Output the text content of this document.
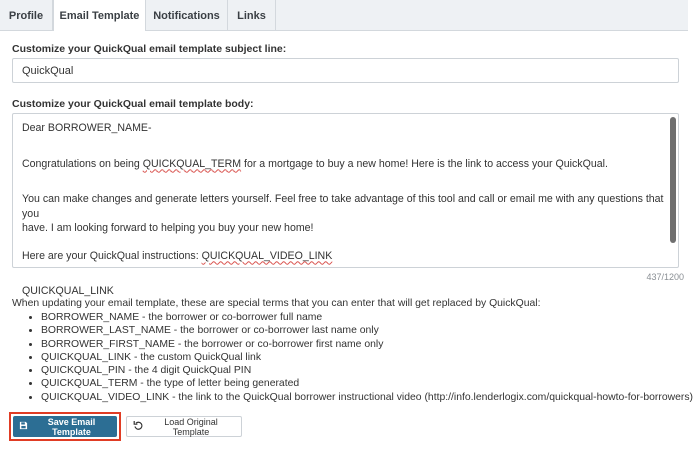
Profile Email Template Notifications Links
Customize your QuickQual email template subject line:
QuickQual
Customize your QuickQual email template body:

Dear BORROWER_NAME-

Congratulations on being QUICKQUAL_TERM for a mortgage to buy a new home! Here is the link to access your QuickQual.

You can make changes and generate letters yourself. Feel free to take advantage of this tool and call or email me with any questions that you
have. I am looking forward to helping you buy your new home!

Here are your QuickQual instructions: QUICKQUAL_VIDEO_LINK

QUICKQUAL_LINK

437/1200
When updating your email template, these are special terms that you can enter that will get replaced by QuickQual:
• BORROWER_NAME - the borrower or co-borrower full name
• BORROWER_LAST_NAME - the borrower or co-borrower last name only
• BORROWER_FIRST_NAME - the borrower or co-borrower first name only
• QUICKQUAL_LINK - the custom QuickQual link
• QUICKQUAL_PIN - the 4 digit QuickQual PIN
• QUICKQUAL_TERM - the type of letter being generated
• QUICKQUAL_VIDEO_LINK - the link to the QuickQual borrower instructional video (http://info.lenderlogix.com/quickqual-howto-for-borrowers)
Save Email Template
Load Original Template
